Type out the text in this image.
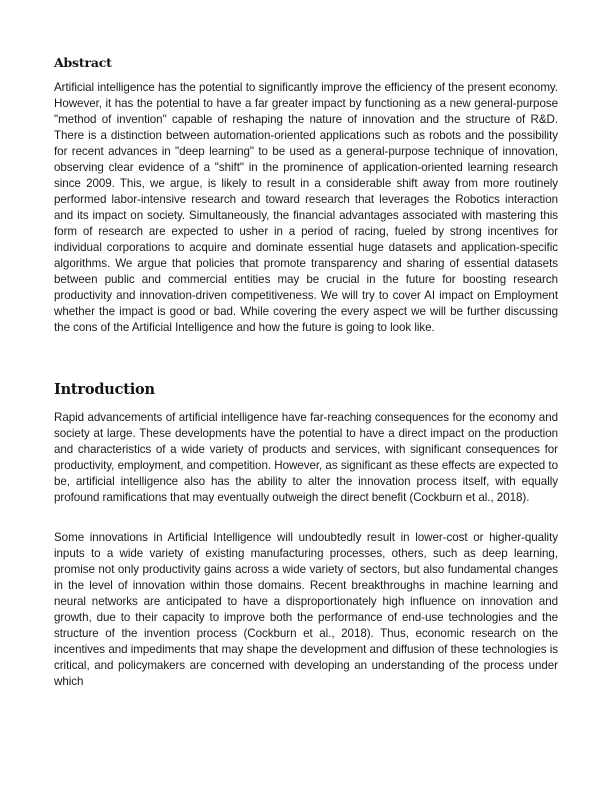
Abstract

Artificial intelligence has the potential to significantly improve the efficiency of the present economy. However, it has the potential to have a far greater impact by functioning as a new general-purpose "method of invention" capable of reshaping the nature of innovation and the structure of R&D. There is a distinction between automation-oriented applications such as robots and the possibility for recent advances in "deep learning" to be used as a general-purpose technique of innovation, observing clear evidence of a "shift" in the prominence of application-oriented learning research since 2009. This, we argue, is likely to result in a considerable shift away from more routinely performed labor-intensive research and toward research that leverages the Robotics interaction and its impact on society. Simultaneously, the financial advantages associated with mastering this form of research are expected to usher in a period of racing, fueled by strong incentives for individual corporations to acquire and dominate essential huge datasets and application-specific algorithms. We argue that policies that promote transparency and sharing of essential datasets between public and commercial entities may be crucial in the future for boosting research productivity and innovation-driven competitiveness. We will try to cover AI impact on Employment whether the impact is good or bad. While covering the every aspect we will be further discussing the cons of the Artificial Intelligence and how the future is going to look like.

Introduction

Rapid advancements of artificial intelligence have far-reaching consequences for the economy and society at large. These developments have the potential to have a direct impact on the production and characteristics of a wide variety of products and services, with significant consequences for productivity, employment, and competition. However, as significant as these effects are expected to be, artificial intelligence also has the ability to alter the innovation process itself, with equally profound ramifications that may eventually outweigh the direct benefit (Cockburn et al., 2018).

Some innovations in Artificial Intelligence will undoubtedly result in lower-cost or higher-quality inputs to a wide variety of existing manufacturing processes, others, such as deep learning, promise not only productivity gains across a wide variety of sectors, but also fundamental changes in the level of innovation within those domains. Recent breakthroughs in machine learning and neural networks are anticipated to have a disproportionately high influence on innovation and growth, due to their capacity to improve both the performance of end-use technologies and the structure of the invention process (Cockburn et al., 2018). Thus, economic research on the incentives and impediments that may shape the development and diffusion of these technologies is critical, and policymakers are concerned with developing an understanding of the process under which
